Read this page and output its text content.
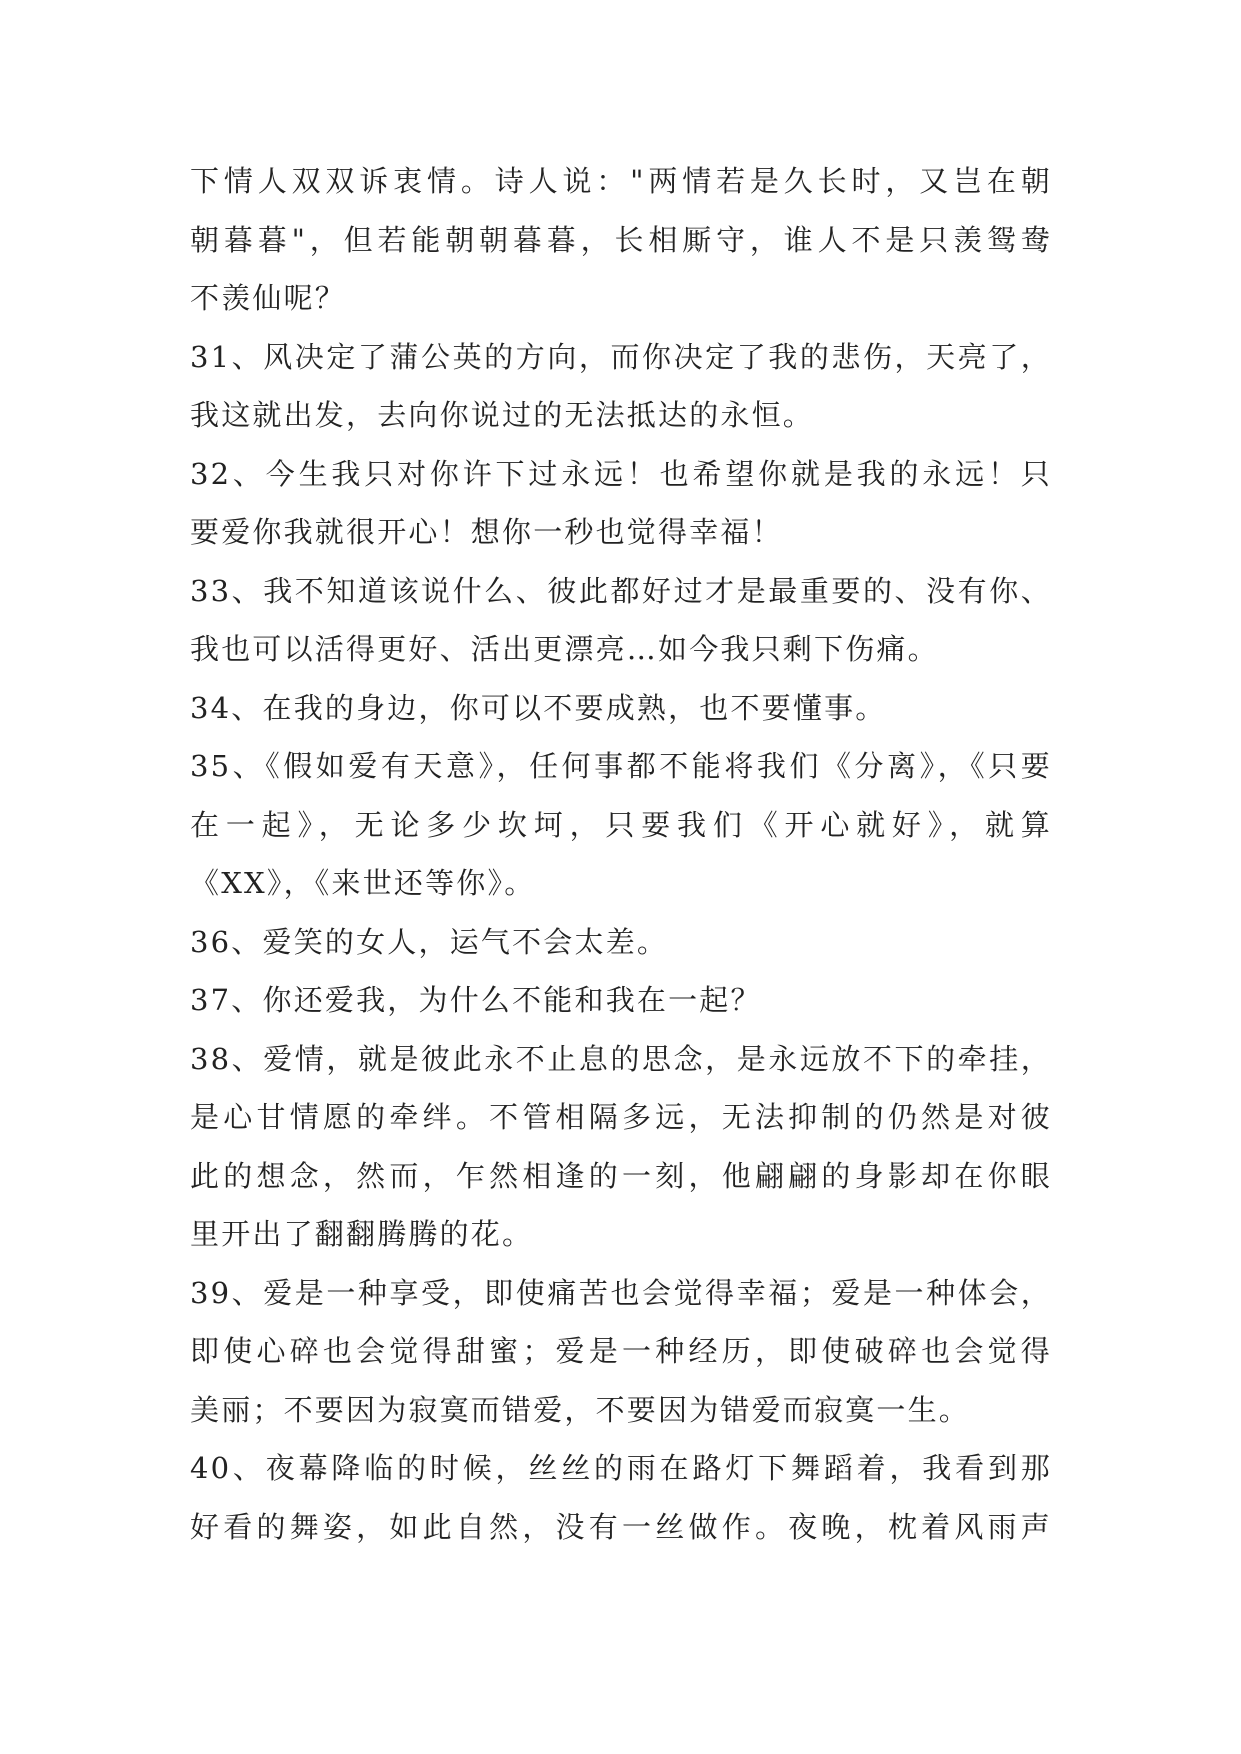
下情人双双诉衷情。诗人说："两情若是久长时，又岂在朝
朝暮暮"，但若能朝朝暮暮，长相厮守，谁人不是只羡鸳鸯
不羡仙呢？
31、风决定了蒲公英的方向，而你决定了我的悲伤，天亮了，
我这就出发，去向你说过的无法抵达的永恒。
32、今生我只对你许下过永远！也希望你就是我的永远！只
要爱你我就很开心！想你一秒也觉得幸福！
33、我不知道该说什么、彼此都好过才是最重要的、没有你、
我也可以活得更好、活出更漂亮…如今我只剩下伤痛。
34、在我的身边，你可以不要成熟，也不要懂事。
35、《假如爱有天意》，任何事都不能将我们《分离》，《只要
在一起》，无论多少坎坷，只要我们《开心就好》，就算
《XX》，《来世还等你》。
36、爱笑的女人，运气不会太差。
37、你还爱我，为什么不能和我在一起？
38、爱情，就是彼此永不止息的思念，是永远放不下的牵挂，
是心甘情愿的牵绊。不管相隔多远，无法抑制的仍然是对彼
此的想念，然而，乍然相逢的一刻，他翩翩的身影却在你眼
里开出了翻翻腾腾的花。
39、爱是一种享受，即使痛苦也会觉得幸福；爱是一种体会，
即使心碎也会觉得甜蜜；爱是一种经历，即使破碎也会觉得
美丽；不要因为寂寞而错爱，不要因为错爱而寂寞一生。
40、夜幕降临的时候，丝丝的雨在路灯下舞蹈着，我看到那
好看的舞姿，如此自然，没有一丝做作。夜晚，枕着风雨声
